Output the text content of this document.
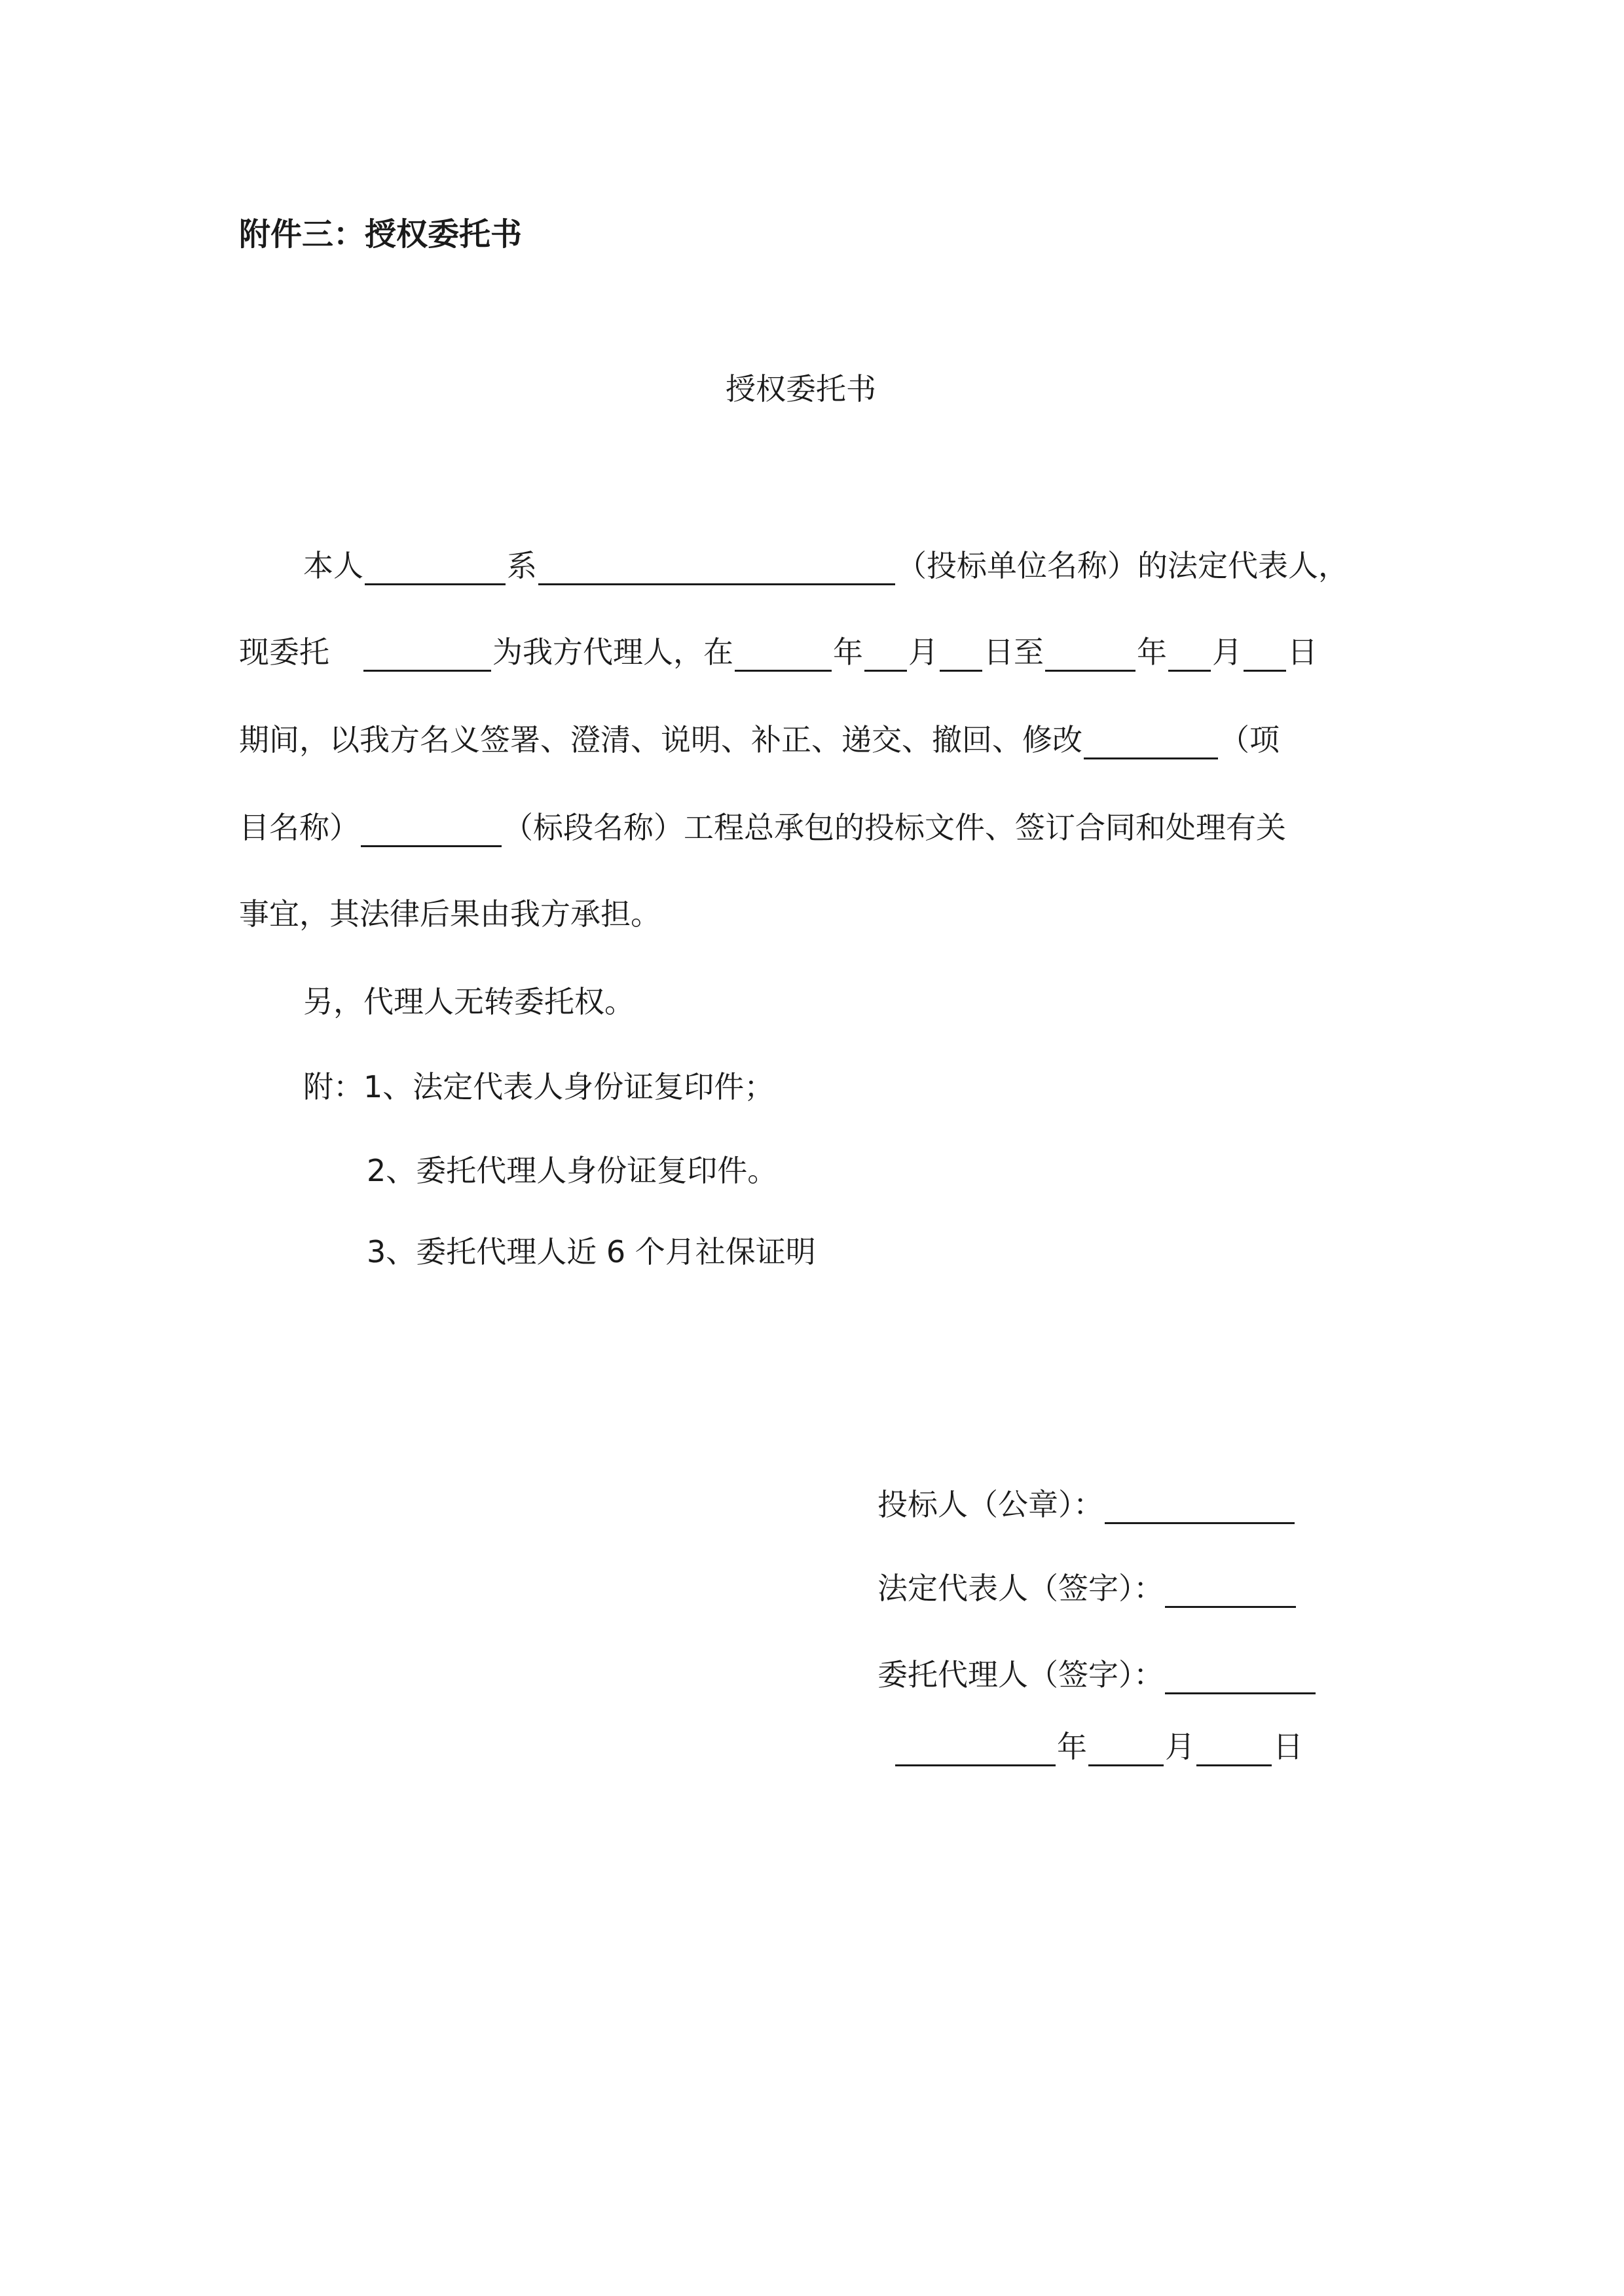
附件三：授权委托书
授权委托书
本人	系	（投标单位名称）的法定代表人，
现委托	为我方代理人，在	年 月 日至	年 月 日
期间，以我方名义签署、澄清、说明、补正、递交、撤回、修改	（项
目名称）	（标段名称）工程总承包的投标文件、签订合同和处理有关
事宜，其法律后果由我方承担。
另，代理人无转委托权。
附：1、法定代表人身份证复印件；
2、委托代理人身份证复印件。
3、委托代理人近 6 个月社保证明
投标人（公章）：
法定代表人（签字）：
委托代理人（签字）：
年	月	日
